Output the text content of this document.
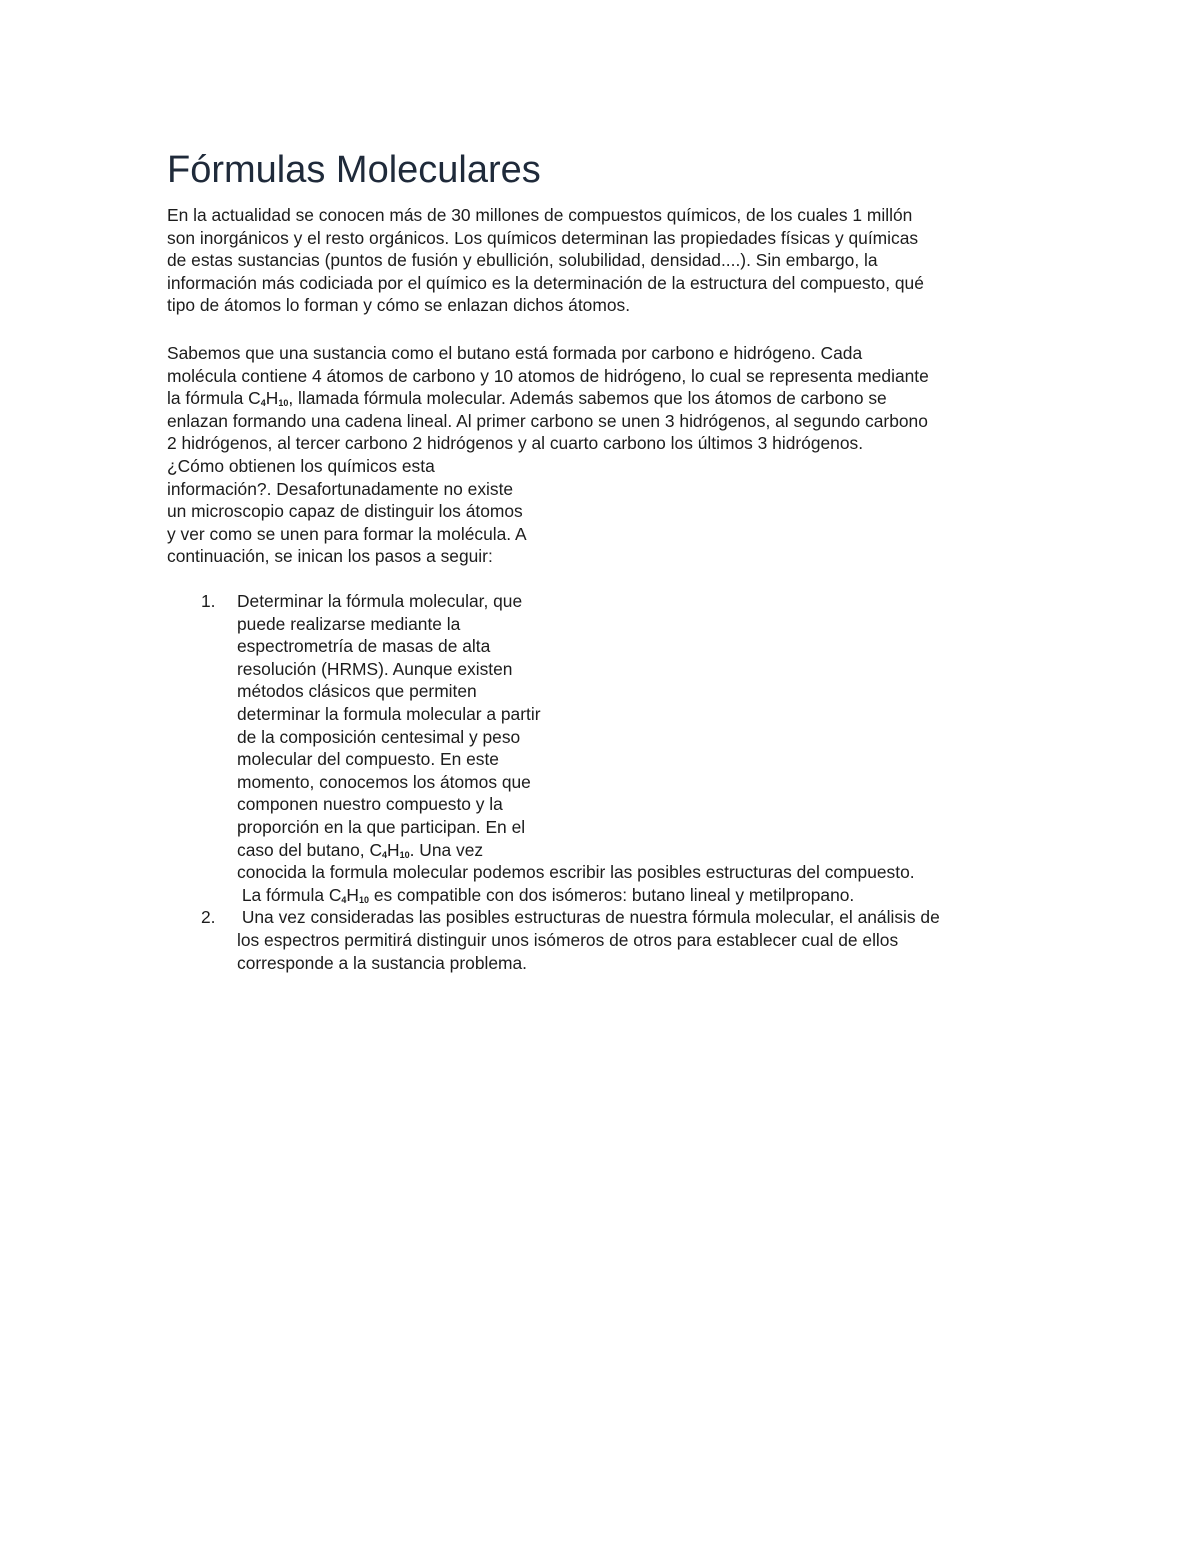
Fórmulas Moleculares
En la actualidad se conocen más de 30 millones de compuestos químicos, de los cuales 1 millón
son inorgánicos y el resto orgánicos. Los químicos determinan las propiedades físicas y químicas
de estas sustancias (puntos de fusión y ebullición, solubilidad, densidad....). Sin embargo, la
información más codiciada por el químico es la determinación de la estructura del compuesto, qué
tipo de átomos lo forman y cómo se enlazan dichos átomos.
Sabemos que una sustancia como el butano está formada por carbono e hidrógeno. Cada
molécula contiene 4 átomos de carbono y 10 atomos de hidrógeno, lo cual se representa mediante
la fórmula $C_4H_{10}$, llamada fórmula molecular. Además sabemos que los átomos de carbono se
enlazan formando una cadena lineal. Al primer carbono se unen 3 hidrógenos, al segundo carbono
2 hidrógenos, al tercer carbono 2 hidrógenos y al cuarto carbono los últimos 3 hidrógenos.
¿Cómo obtienen los químicos esta
información?. Desafortunadamente no existe
un microscopio capaz de distinguir los átomos
y ver como se unen para formar la molécula. A
continuación, se inican los pasos a seguir:
1. Determinar la fórmula molecular, que
puede realizarse mediante la
espectrometría de masas de alta
resolución (HRMS). Aunque existen
métodos clásicos que permiten
determinar la formula molecular a partir
de la composición centesimal y peso
molecular del compuesto. En este
momento, conocemos los átomos que
componen nuestro compuesto y la
proporción en la que participan. En el
caso del butano, $C_4H_{10}$. Una vez
conocida la formula molecular podemos escribir las posibles estructuras del compuesto.
La fórmula $C_4H_{10}$ es compatible con dos isómeros: butano lineal y metilpropano.
2. Una vez consideradas las posibles estructuras de nuestra fórmula molecular, el análisis de
los espectros permitirá distinguir unos isómeros de otros para establecer cual de ellos
corresponde a la sustancia problema.
